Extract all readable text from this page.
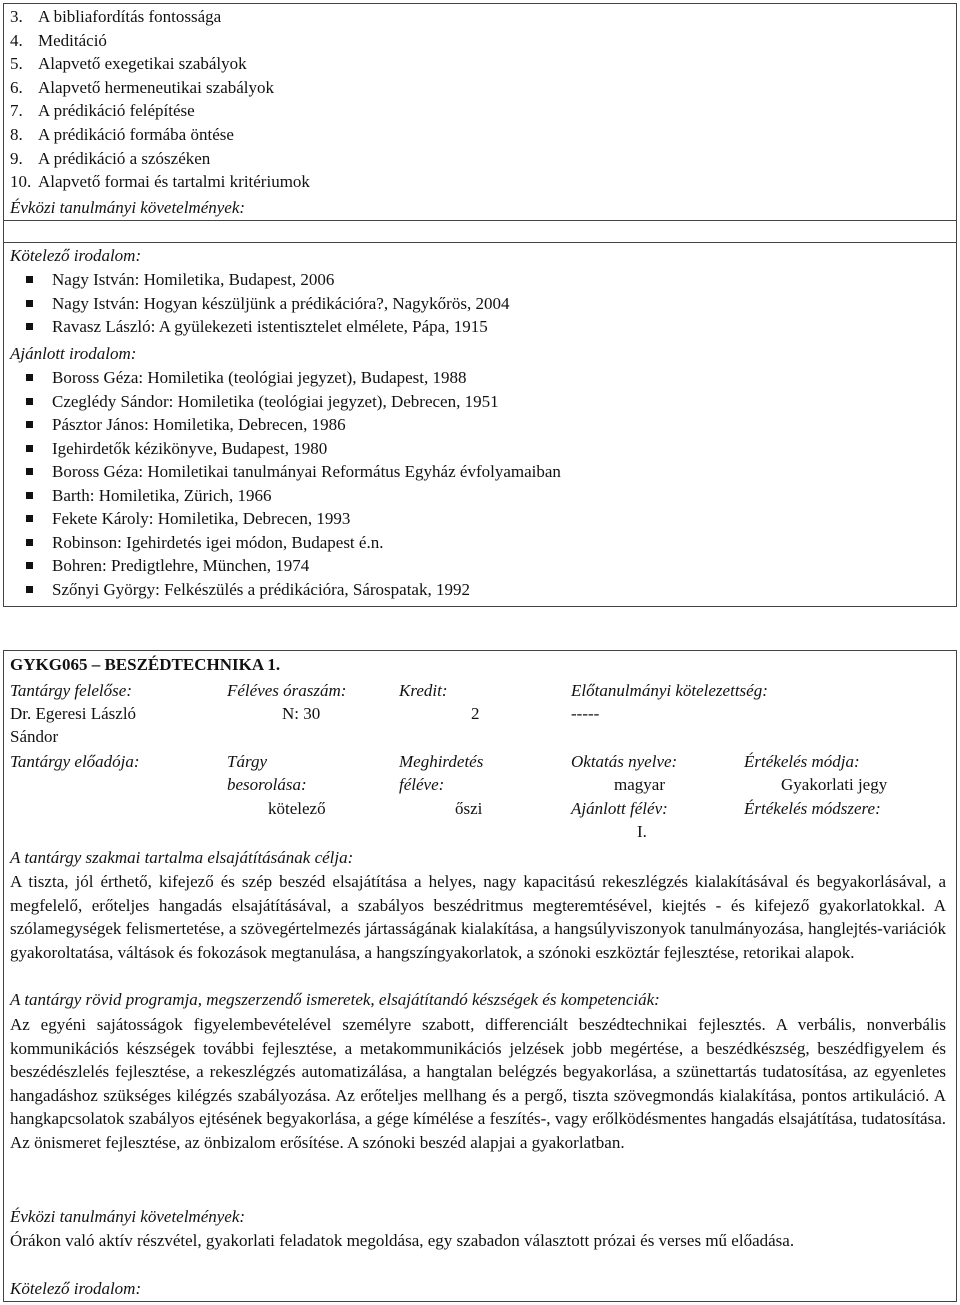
3. A bibliafordítás fontossága
4. Meditáció
5. Alapvető exegetikai szabályok
6. Alapvető hermeneutikai szabályok
7. A prédikáció felépítése
8. A prédikáció formába öntése
9. A prédikáció a szószéken
10. Alapvető formai és tartalmi kritériumok
Évközi tanulmányi követelmények:
Kötelező irodalom:
Nagy István: Homiletika, Budapest, 2006
Nagy István: Hogyan készüljünk a prédikációra?, Nagykőrös, 2004
Ravasz László: A gyülekezeti istentisztelet elmélete, Pápa, 1915
Ajánlott irodalom:
Boross Géza: Homiletika (teológiai jegyzet), Budapest, 1988
Czeglédy Sándor: Homiletika (teológiai jegyzet), Debrecen, 1951
Pásztor János: Homiletika, Debrecen, 1986
Igehirdetők kézikönyve, Budapest, 1980
Boross Géza: Homiletikai tanulmányai Református Egyház évfolyamaiban
Barth: Homiletika, Zürich, 1966
Fekete Károly: Homiletika, Debrecen, 1993
Robinson: Igehirdetés igei módon, Budapest é.n.
Bohren: Predigtlehre, München, 1974
Szőnyi György: Felkészülés a prédikációra, Sárospatak, 1992
GYKG065 – BESZÉDTECHNIKA 1.
Tantárgy felelőse:
Dr. Egeresi László
Sándor
Féléves óraszám:
N: 30
Kredit:
2
Előtanulmányi kötelezettség:
-----
Tantárgy előadója:	Tárgy
besorolása:
kötelező
Meghirdetés
féléve:
őszi
Oktatás nyelve:
magyar
Ajánlott félév:
I.
Értékelés módja:
Gyakorlati jegy
Értékelés módszere:
A tantárgy szakmai tartalma elsajátításának célja:

A tiszta, jól érthető, kifejező és szép beszéd elsajátítása a helyes, nagy kapacitású rekeszlégzés kialakításával és begyakorlásával, a megfelelő, erőteljes hangadás elsajátításával, a szabályos beszédritmus megteremtésével, kiejtés - és kifejező gyakorlatokkal. A szólamegységek felismertetése, a szövegértelmezés jártasságának kialakítása, a hangsúlyviszonyok tanulmányozása, hanglejtés-variációk gyakoroltatása, váltások és fokozások megtanulása, a hangszíngyakorlatok, a szónoki eszköztár fejlesztése, retorikai alapok.

A tantárgy rövid programja, megszerzendő ismeretek, elsajátítandó készségek és kompetenciák:

Az egyéni sajátosságok figyelembevételével személyre szabott, differenciált beszédtechnikai fejlesztés. A verbális, nonverbális kommunikációs készségek további fejlesztése, a metakommunikációs jelzések jobb megértése, a beszédkészség, beszédfigyelem és beszédészlelés fejlesztése, a rekeszlégzés automatizálása, a hangtalan belégzés begyakorlása, a szünettartás tudatosítása, az egyenletes hangadáshoz szükséges kilégzés szabályozása. Az erőteljes mellhang és a pergő, tiszta szövegmondás kialakítása, pontos artikuláció. A hangkapcsolatok szabályos ejtésének begyakorlása, a gége kímélése a feszítés-, vagy erőlködésmentes hangadás elsajátítása, tudatosítása. Az önismeret fejlesztése, az önbizalom erősítése. A szónoki beszéd alapjai a gyakorlatban.

Évközi tanulmányi követelmények:

Órákon való aktív részvétel, gyakorlati feladatok megoldása, egy szabadon választott prózai és verses mű előadása.

Kötelező irodalom:
